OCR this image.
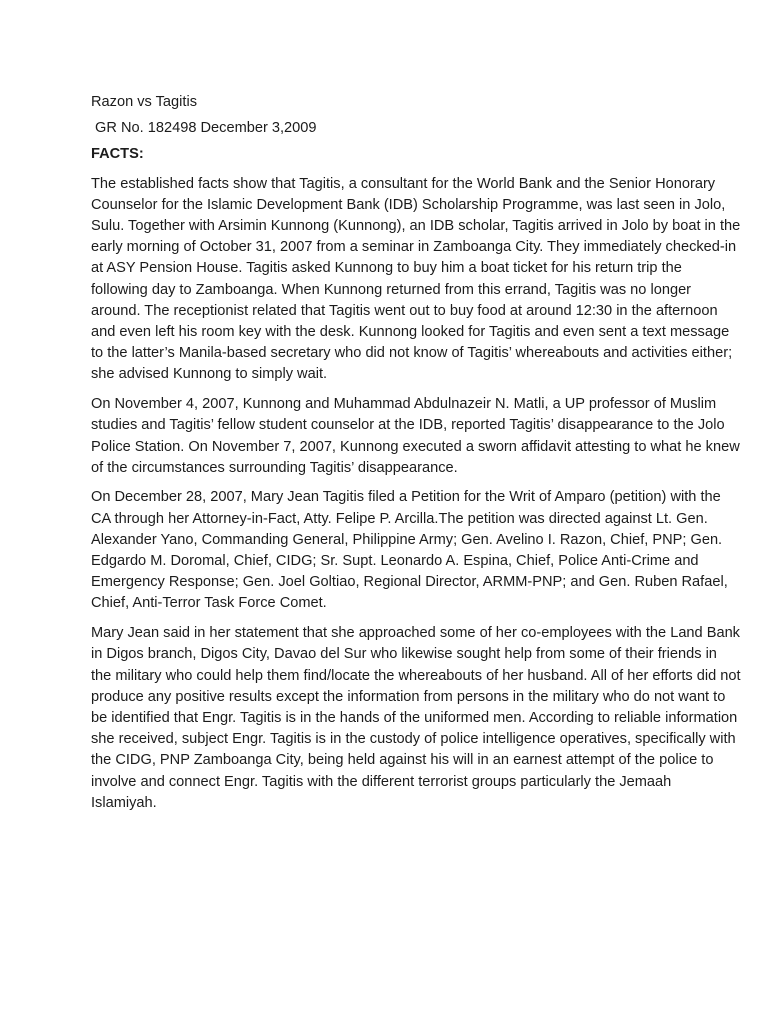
Razon vs Tagitis
GR No. 182498 December 3,2009
FACTS:
The established facts show that Tagitis, a consultant for the World Bank and the Senior Honorary Counselor for the Islamic Development Bank (IDB) Scholarship Programme, was last seen in Jolo, Sulu. Together with Arsimin Kunnong (Kunnong), an IDB scholar, Tagitis arrived in Jolo by boat in the early morning of October 31, 2007 from a seminar in Zamboanga City. They immediately checked-in at ASY Pension House. Tagitis asked Kunnong to buy him a boat ticket for his return trip the following day to Zamboanga. When Kunnong returned from this errand, Tagitis was no longer around. The receptionist related that Tagitis went out to buy food at around 12:30 in the afternoon and even left his room key with the desk. Kunnong looked for Tagitis and even sent a text message to the latter’s Manila-based secretary who did not know of Tagitis’ whereabouts and activities either; she advised Kunnong to simply wait.
On November 4, 2007, Kunnong and Muhammad Abdulnazeir N. Matli, a UP professor of Muslim studies and Tagitis’ fellow student counselor at the IDB, reported Tagitis’ disappearance to the Jolo Police Station. On November 7, 2007, Kunnong executed a sworn affidavit attesting to what he knew of the circumstances surrounding Tagitis’ disappearance.
On December 28, 2007, Mary Jean Tagitis filed a Petition for the Writ of Amparo (petition) with the CA through her Attorney-in-Fact, Atty. Felipe P. Arcilla.The petition was directed against Lt. Gen. Alexander Yano, Commanding General, Philippine Army; Gen. Avelino I. Razon, Chief, PNP; Gen. Edgardo M. Doromal, Chief, CIDG; Sr. Supt. Leonardo A. Espina, Chief, Police Anti-Crime and Emergency Response; Gen. Joel Goltiao, Regional Director, ARMM-PNP; and Gen. Ruben Rafael, Chief, Anti-Terror Task Force Comet.
Mary Jean said in her statement that she approached some of her co-employees with the Land Bank in Digos branch, Digos City, Davao del Sur who likewise sought help from some of their friends in the military who could help them find/locate the whereabouts of her husband. All of her efforts did not produce any positive results except the information from persons in the military who do not want to be identified that Engr. Tagitis is in the hands of the uniformed men. According to reliable information she received, subject Engr. Tagitis is in the custody of police intelligence operatives, specifically with the CIDG, PNP Zamboanga City, being held against his will in an earnest attempt of the police to involve and connect Engr. Tagitis with the different terrorist groups particularly the Jemaah Islamiyah.
